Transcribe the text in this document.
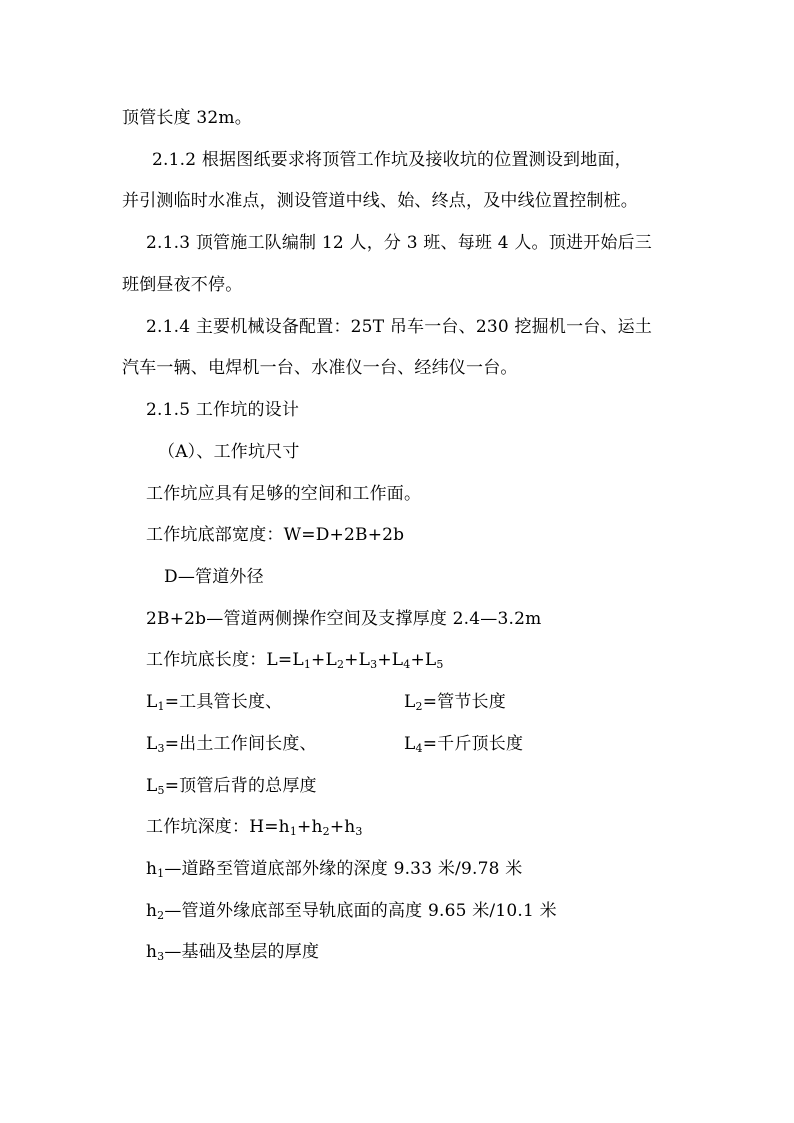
顶管长度 32m。
2.1.2 根据图纸要求将顶管工作坑及接收坑的位置测设到地面，
并引测临时水准点，测设管道中线、始、终点，及中线位置控制桩。
2.1.3 顶管施工队编制 12 人，分 3 班、每班 4 人。顶进开始后三
班倒昼夜不停。
2.1.4 主要机械设备配置：25T 吊车一台、230 挖掘机一台、运土
汽车一辆、电焊机一台、水准仪一台、经纬仪一台。
2.1.5 工作坑的设计
（A）、工作坑尺寸
工作坑应具有足够的空间和工作面。
工作坑底部宽度：W=D+2B+2b
D—管道外径
2B+2b—管道两侧操作空间及支撑厚度 2.4—3.2m
工作坑底长度：$L=L_1+L_2+L_3+L_4+L_5$
$L_1=$工具管长度、	$L_2=$管节长度
$L_3=$出土工作间长度、	$L_4=$千斤顶长度
$L_5=$顶管后背的总厚度
工作坑深度：$H=h_1+h_2+h_3$
$h_1—$道路至管道底部外缘的深度 9.33 米/9.78 米
$h_2—$管道外缘底部至导轨底面的高度 9.65 米/10.1 米
$h_3—$基础及垫层的厚度
